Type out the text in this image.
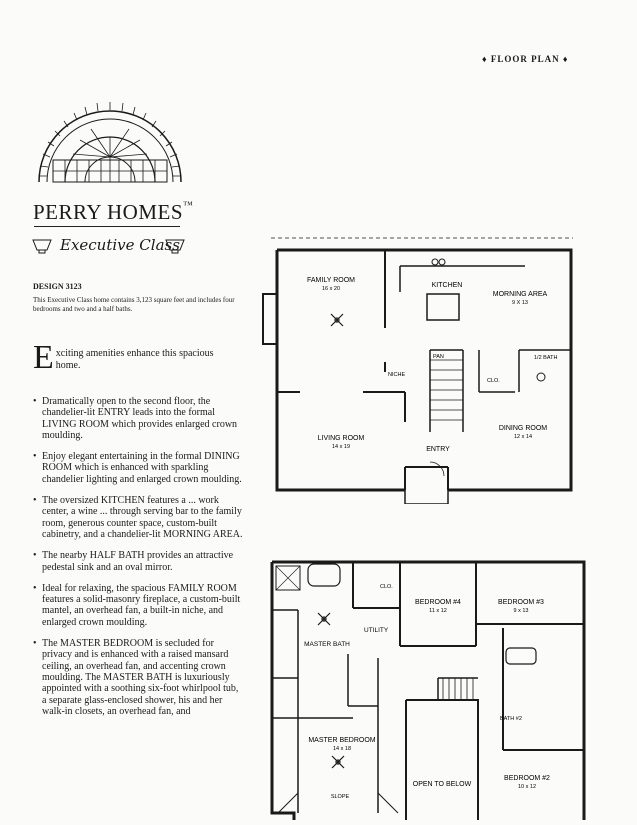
♦ FLOOR PLAN ♦
PERRY HOMES™
Executive Class
DESIGN 3123
This Executive Class home contains 3,123 square feet and includes four bedrooms and two and a half baths.
E xciting amenities enhance this spacious home.
• Dramatically open to the second floor, the chandelier-lit ENTRY leads into the formal LIVING ROOM which provides enlarged crown moulding.
• Enjoy elegant entertaining in the formal DINING ROOM which is enhanced with sparkling chandelier lighting and enlarged crown moulding.
• The oversized KITCHEN features a ... work center, a wine ... through serving bar to the family room, generous counter space, custom-built cabinetry, and a chandelier-lit MORNING AREA.
• The nearby HALF BATH provides an attractive pedestal sink and an oval mirror.
• Ideal for relaxing, the spacious FAMILY ROOM features a solid-masonry fireplace, a custom-built mantel, an overhead fan, a built-in niche, and enlarged crown moulding.
• The MASTER BEDROOM is secluded for privacy and is enhanced with a raised mansard ceiling, an overhead fan, and accenting crown moulding. The MASTER BATH is luxuriously appointed with a soothing six-foot whirlpool tub, a separate glass-enclosed shower, his and her walk-in closets, an overhead fan, and
FAMILY ROOM
16 x 20	KITCHEN
MORNING AREA
9 X 13
PAN
CLO.
1/2 BATH
NICHE
LIVING ROOM
14 x 19
DINING ROOM
12 x 14
ENTRY
CLO.
BEDROOM #4
11 x 12
BEDROOM #3
9 x 13
MASTER BATH
UTILITY
BATH #2
MASTER BEDROOM
14 x 18
SLOPE
OPEN TO BELOW
BEDROOM #2
10 x 12
